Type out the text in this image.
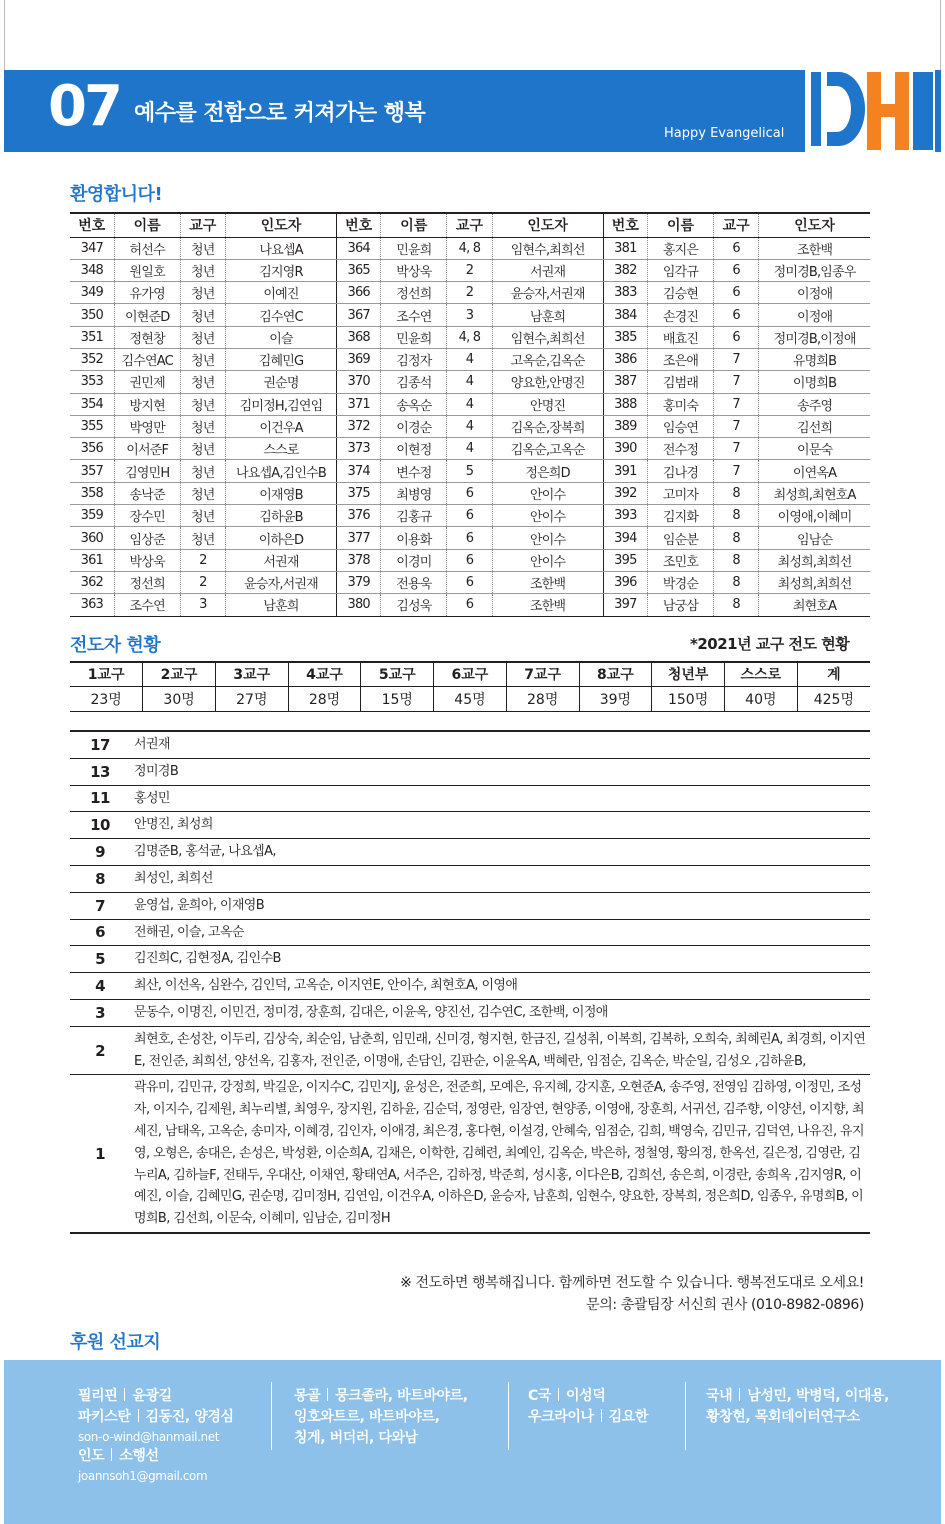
07 예수를 전함으로 커져가는 행복
Happy Evangelical
환영합니다!
번호	이름	교구	인도자	번호	이름	교구	인도자	번호	이름	교구	인도자
347	허선수	청년	나요셉A	364	민윤희	4, 8	임현수,최희선	381	홍지은	6	조한백
348	원일호	청년	김지영R	365	박상욱	2	서권재	382	임각규	6	정미경B,임종우
349	유가영	청년	이예진	366	정선희	2	윤승자,서권재	383	김승현	6	이정애
350	이현준D	청년	김수연C	367	조수연	3	남훈희	384	손경진	6	이정애
351	정현창	청년	이슬	368	민윤희	4, 8	임현수,최희선	385	배효진	6	정미경B,이정애
352	김수연AC	청년	김혜민G	369	김정자	4	고옥순,김옥순	386	조은애	7	유명희B
353	권민제	청년	권순명	370	김종석	4	양요한,안명진	387	김범래	7	이명희B
354	방지현	청년	김미정H,김연임	371	송옥순	4	안명진	388	홍미숙	7	송주영
355	박영만	청년	이건우A	372	이경순	4	김옥순,장복희	389	임승연	7	김선희
356	이서준F	청년	스스로	373	이현정	4	김옥순,고옥순	390	전수정	7	이문숙
357	김영민H	청년	나요셉A,김인수B	374	변수정	5	정은희D	391	김나경	7	이연옥A
358	송낙준	청년	이재영B	375	최병영	6	안이수	392	고미자	8	최성희,최현호A
359	장수민	청년	김하윤B	376	김홍규	6	안이수	393	김지화	8	이영애,이혜미
360	임상준	청년	이하은D	377	이용화	6	안이수	394	임순분	8	임남순
361	박상욱	2	서권재	378	이경미	6	안이수	395	조민호	8	최성희,최희선
362	정선희	2	윤승자,서권재	379	전용욱	6	조한백	396	박경순	8	최성희,최희선
363	조수연	3	남훈희	380	김성욱	6	조한백	397	남궁삼	8	최현호A
전도자 현황	*2021년 교구 전도 현황
1교구	2교구	3교구	4교구	5교구	6교구	7교구	8교구	청년부	스스로	계
23명	30명	27명	28명	15명	45명	28명	39명	150명	40명	425명
17	서권재
13	정미경B
11	홍성민
10	안명진, 최성희
9	김명준B, 홍석균, 나요셉A,
8	최성인, 최희선
7	윤영섭, 윤희아, 이재영B
6	전해권, 이슬, 고옥순
5	김진희C, 김현정A, 김인수B
4	최산, 이선옥, 심완수, 김인덕, 고옥순, 이지연E, 안이수, 최현호A, 이영애
3	문동수, 이명진, 이민건, 정미경, 장훈희, 김대은, 이윤옥, 양진선, 김수연C, 조한백, 이정애
2	최현호, 손성찬, 이두리, 김상숙, 최순임, 남춘희, 임민래, 신미경, 형지현, 한금진, 길성취, 이복희, 김복하, 오희숙, 최혜린A, 최경희, 이지연E, 전인준, 최희선, 양선옥, 김홍자, 전인준, 이명애, 손담인, 김판순, 이윤옥A, 백혜란, 임점순, 김옥순, 박순일, 김성오 ,김하윤B,
1	곽유미, 김민규, 강정희, 박길운, 이지수C, 김민지J, 윤성은, 전준희, 모예은, 유지혜, 강지훈, 오현준A, 송주영, 전영임 김하영, 이정민, 조성자, 이지수, 김제원, 최누리별, 최영우, 장지원, 김하윤, 김순덕, 정영란, 임장연, 현양종, 이영애, 장훈희, 서귀선, 김주향, 이양선, 이지향, 최세진, 남태옥, 고옥순, 송미자, 이혜경, 김인자, 이애경, 최은경, 홍다현, 이설경, 안혜숙, 임점순, 김희, 백영숙, 김민규, 김덕연, 나유진, 유지영, 오형은, 송대은, 손성은, 박성환, 이순희A, 김채은, 이학한, 김혜련, 최예인, 김옥순, 박은하, 정철영, 황의정, 한옥선, 길은정, 김영란, 김누리A, 김하늘F, 전태두, 우대산, 이채연, 황태연A, 서주은, 김하정, 박준희, 성시홍, 이다은B, 김희선, 송은희, 이경란, 송희옥 ,김지영R, 이예진, 이슬, 김혜민G, 권순명, 김미정H, 김연임, 이건우A, 이하은D, 윤승자, 남훈희, 임현수, 양요한, 장복희, 정은희D, 임종우, 유명희B, 이명희B, 김선희, 이문숙, 이혜미, 임남순, 김미정H
※ 전도하면 행복해집니다. 함께하면 전도할 수 있습니다. 행복전도대로 오세요!
문의: 총괄팀장 서신희 권사 (010-8982-0896)
후원 선교지
필리핀 윤광길
파키스탄 김동진, 양경심
son-o-wind@hanmail.net
인도 소행선
joannsoh1@gmail.com
몽골 뭉크졸라, 바트바야르,
잉호와트르, 바트바야르,
칭게, 버더러, 다와남
C국 이성덕
우크라이나 김요한
국내 남성민, 박병덕, 이대용,
황창현, 목회데이터연구소
